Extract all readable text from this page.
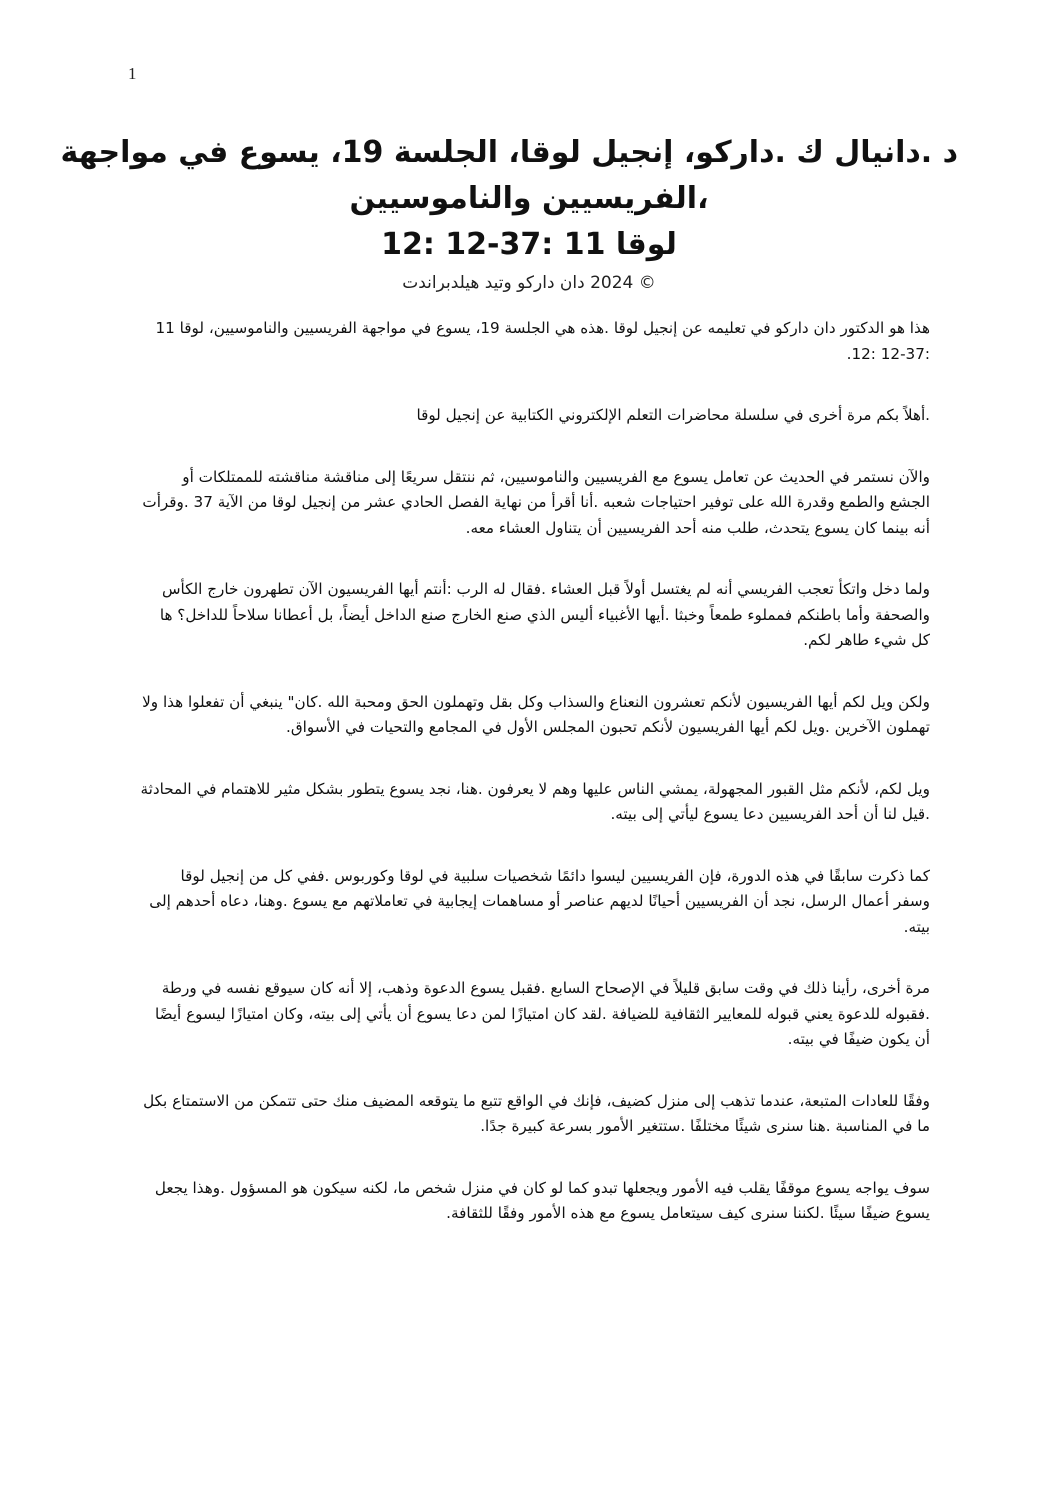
1

د .دانيال ك .داركو، إنجيل لوقا، الجلسة 19، يسوع في مواجهة

،الفريسيين والناموسيين

لوقا 11 :37-12 :12

© 2024 دان داركو وتيد هيلدبراندت

هذا هو الدكتور دان داركو في تعليمه عن إنجيل لوقا .هذه هي الجلسة 19، يسوع في مواجهة الفريسيين والناموسيين، لوقا 11 :37-12 :12.

.أهلاً بكم مرة أخرى في سلسلة محاضرات التعلم الإلكتروني الكتابية عن إنجيل لوقا

والآن نستمر في الحديث عن تعامل يسوع مع الفريسيين والناموسيين، ثم ننتقل سريعًا إلى مناقشة مناقشته للممتلكات أو الجشع والطمع وقدرة الله على توفير احتياجات شعبه .أنا أقرأ من نهاية الفصل الحادي عشر من إنجيل لوقا من الآية 37 .وقرأت أنه بينما كان يسوع يتحدث، طلب منه أحد الفريسيين أن يتناول العشاء معه.

ولما دخل واتكأ تعجب الفريسي أنه لم يغتسل أولاً قبل العشاء .فقال له الرب :أنتم أيها الفريسيون الآن تطهرون خارج الكأس والصحفة وأما باطنكم فمملوء طمعاً وخبثا .أيها الأغبياء أليس الذي صنع الخارج صنع الداخل أيضاً، بل أعطانا سلاحاً للداخل؟ ها كل شيء طاهر لكم.

ولكن ويل لكم أيها الفريسيون لأنكم تعشرون النعناع والسذاب وكل بقل وتهملون الحق ومحبة الله .كان" ينبغي أن تفعلوا هذا ولا تهملون الآخرين .ويل لكم أيها الفريسيون لأنكم تحبون المجلس الأول في المجامع والتحيات في الأسواق.

ويل لكم، لأنكم مثل القبور المجهولة، يمشي الناس عليها وهم لا يعرفون .هنا، نجد يسوع يتطور بشكل مثير للاهتمام في المحادثة .قيل لنا أن أحد الفريسيين دعا يسوع ليأتي إلى بيته.

كما ذكرت سابقًا في هذه الدورة، فإن الفريسيين ليسوا دائمًا شخصيات سلبية في لوقا وكوربوس .ففي كل من إنجيل لوقا وسفر أعمال الرسل، نجد أن الفريسيين أحيانًا لديهم عناصر أو مساهمات إيجابية في تعاملاتهم مع يسوع .وهنا، دعاه أحدهم إلى بيته.

مرة أخرى، رأينا ذلك في وقت سابق قليلاً في الإصحاح السابع .فقبل يسوع الدعوة وذهب، إلا أنه كان سيوقع نفسه في ورطة .فقبوله للدعوة يعني قبوله للمعايير الثقافية للضيافة .لقد كان امتيازًا لمن دعا يسوع أن يأتي إلى بيته، وكان امتيازًا ليسوع أيضًا أن يكون ضيفًا في بيته.

وفقًا للعادات المتبعة، عندما تذهب إلى منزل كضيف، فإنك في الواقع تتبع ما يتوقعه المضيف منك حتى تتمكن من الاستمتاع بكل ما في المناسبة .هنا سنرى شيئًا مختلفًا .ستتغير الأمور بسرعة كبيرة جدًا.

سوف يواجه يسوع موقفًا يقلب فيه الأمور ويجعلها تبدو كما لو كان في منزل شخص ما، لكنه سيكون هو المسؤول .وهذا يجعل يسوع ضيفًا سيئًا .لكننا سنرى كيف سيتعامل يسوع مع هذه الأمور وفقًا للثقافة.
